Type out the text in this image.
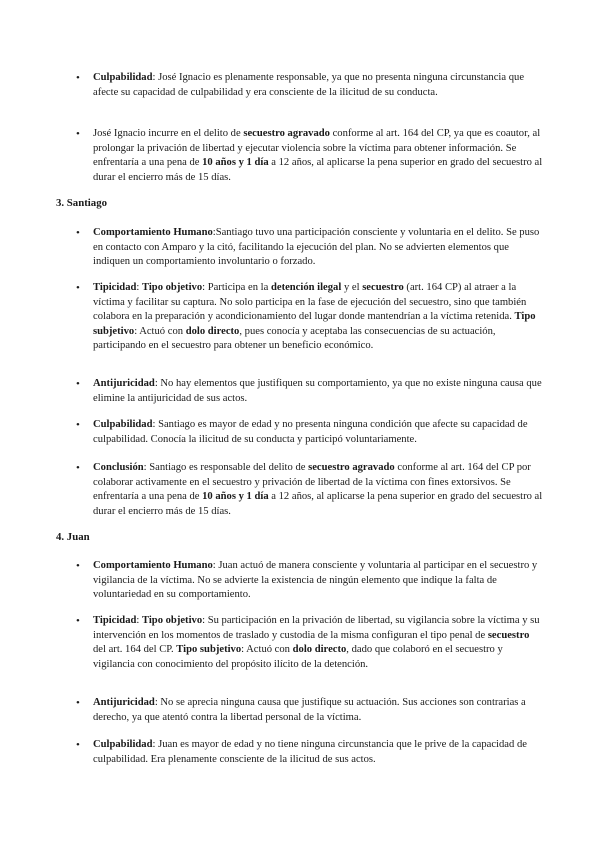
• Culpabilidad: José Ignacio es plenamente responsable, ya que no presenta ninguna circunstancia que afecte su capacidad de culpabilidad y era consciente de la ilicitud de su conducta.
• José Ignacio incurre en el delito de secuestro agravado conforme al art. 164 del CP, ya que es coautor, al prolongar la privación de libertad y ejecutar violencia sobre la víctima para obtener información. Se enfrentaría a una pena de 10 años y 1 día a 12 años, al aplicarse la pena superior en grado del secuestro al durar el encierro más de 15 días.
3. Santiago
• Comportamiento Humano:Santiago tuvo una participación consciente y voluntaria en el delito. Se puso en contacto con Amparo y la citó, facilitando la ejecución del plan. No se advierten elementos que indiquen un comportamiento involuntario o forzado.
• Tipicidad: Tipo objetivo: Participa en la detención ilegal y el secuestro (art. 164 CP) al atraer a la víctima y facilitar su captura. No solo participa en la fase de ejecución del secuestro, sino que también colabora en la preparación y acondicionamiento del lugar donde mantendrían a la víctima retenida. Tipo subjetivo: Actuó con dolo directo, pues conocía y aceptaba las consecuencias de su actuación, participando en el secuestro para obtener un beneficio económico.
• Antijuricidad: No hay elementos que justifiquen su comportamiento, ya que no existe ninguna causa que elimine la antijuricidad de sus actos.
• Culpabilidad: Santiago es mayor de edad y no presenta ninguna condición que afecte su capacidad de culpabilidad. Conocía la ilicitud de su conducta y participó voluntariamente.
• Conclusión: Santiago es responsable del delito de secuestro agravado conforme al art. 164 del CP por colaborar activamente en el secuestro y privación de libertad de la víctima con fines extorsivos. Se enfrentaría a una pena de 10 años y 1 día a 12 años, al aplicarse la pena superior en grado del secuestro al durar el encierro más de 15 días.
4. Juan
• Comportamiento Humano: Juan actuó de manera consciente y voluntaria al participar en el secuestro y vigilancia de la víctima. No se advierte la existencia de ningún elemento que indique la falta de voluntariedad en su comportamiento.
• Tipicidad: Tipo objetivo: Su participación en la privación de libertad, su vigilancia sobre la víctima y su intervención en los momentos de traslado y custodia de la misma configuran el tipo penal de secuestro del art. 164 del CP. Tipo subjetivo: Actuó con dolo directo, dado que colaboró en el secuestro y vigilancia con conocimiento del propósito ilícito de la detención.
• Antijuricidad: No se aprecia ninguna causa que justifique su actuación. Sus acciones son contrarias a derecho, ya que atentó contra la libertad personal de la víctima.
• Culpabilidad: Juan es mayor de edad y no tiene ninguna circunstancia que le prive de la capacidad de culpabilidad. Era plenamente consciente de la ilicitud de sus actos.
